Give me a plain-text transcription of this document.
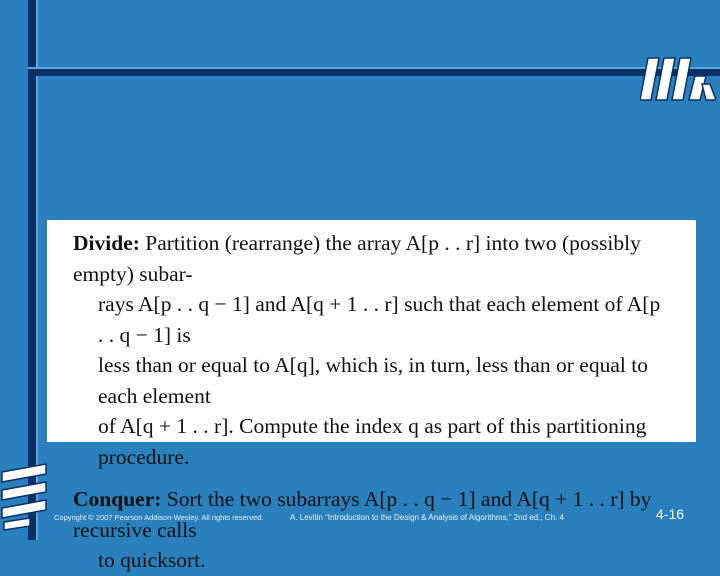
Divide: Partition (rearrange) the array A[p . . r] into two (possibly empty) subar-
rays A[p . . q − 1] and A[q + 1 . . r] such that each element of A[p . . q − 1] is
less than or equal to A[q], which is, in turn, less than or equal to each element
of A[q + 1 . . r]. Compute the index q as part of this partitioning procedure.

Conquer: Sort the two subarrays A[p . . q − 1] and A[q + 1 . . r] by recursive calls
to quicksort.

Copyright © 2007 Pearson Addison-Wesley. All rights reserved.	A. Levitin “Introduction to the Design & Analysis of Algorithms,” 2nd ed., Ch. 4	4-16
